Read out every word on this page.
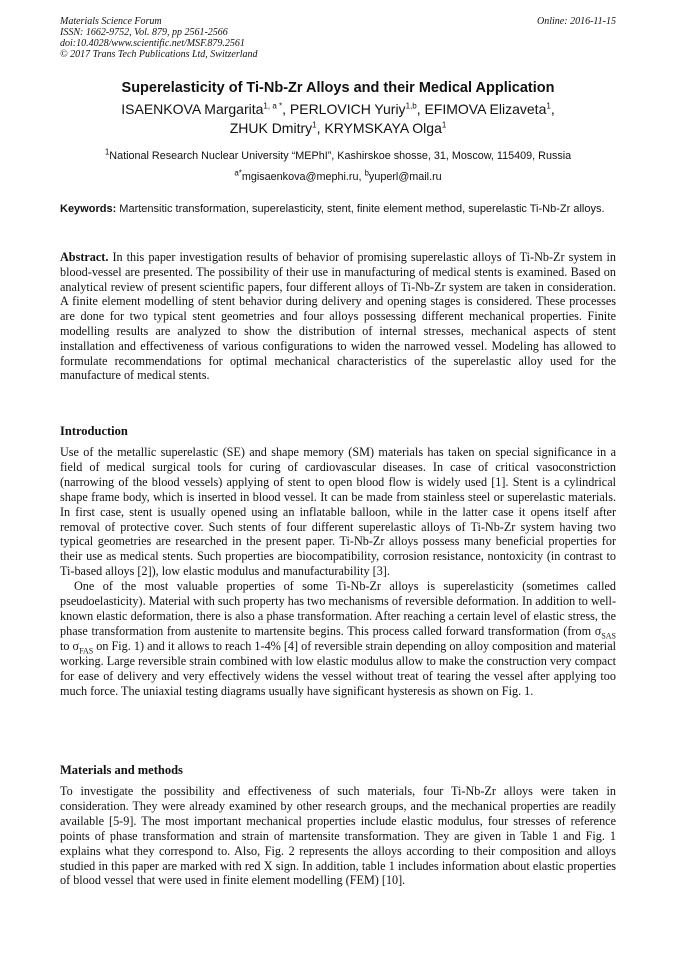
Materials Science Forum
ISSN: 1662-9752, Vol. 879, pp 2561-2566
doi:10.4028/www.scientific.net/MSF.879.2561
© 2017 Trans Tech Publications Ltd, Switzerland
Online: 2016-11-15
Superelasticity of Ti-Nb-Zr Alloys and their Medical Application
ISAENKOVA Margarita$^{1, a *}$, PERLOVICH Yuriy$^{1,b}$, EFIMOVA Elizaveta$^1$,
ZHUK Dmitry$^1$, KRYMSKAYA Olga$^1$
$^1$National Research Nuclear University “MEPhI”, Kashirskoe shosse, 31, Moscow, 115409, Russia
$^{a*}$mgisaenkova@mephi.ru, $^b$yuperl@mail.ru
Keywords: Martensitic transformation, superelasticity, stent, finite element method, superelastic Ti-Nb-Zr alloys.
Abstract. In this paper investigation results of behavior of promising superelastic alloys of Ti-Nb-Zr system in blood-vessel are presented. The possibility of their use in manufacturing of medical stents is examined. Based on analytical review of present scientific papers, four different alloys of Ti-Nb-Zr system are taken in consideration. A finite element modelling of stent behavior during delivery and opening stages is considered. These processes are done for two typical stent geometries and four alloys possessing different mechanical properties. Finite modelling results are analyzed to show the distribution of internal stresses, mechanical aspects of stent installation and effectiveness of various configurations to widen the narrowed vessel. Modeling has allowed to formulate recommendations for optimal mechanical characteristics of the superelastic alloy used for the manufacture of medical stents.
Introduction

Use of the metallic superelastic (SE) and shape memory (SM) materials has taken on special significance in a field of medical surgical tools for curing of cardiovascular diseases. In case of critical vasoconstriction (narrowing of the blood vessels) applying of stent to open blood flow is widely used [1]. Stent is a cylindrical shape frame body, which is inserted in blood vessel. It can be made from stainless steel or superelastic materials. In first case, stent is usually opened using an inflatable balloon, while in the latter case it opens itself after removal of protective cover. Such stents of four different superelastic alloys of Ti-Nb-Zr system having two typical geometries are researched in the present paper. Ti-Nb-Zr alloys possess many beneficial properties for their use as medical stents. Such properties are biocompatibility, corrosion resistance, nontoxicity (in contrast to Ti-based alloys [2]), low elastic modulus and manufacturability [3].

One of the most valuable properties of some Ti-Nb-Zr alloys is superelasticity (sometimes called pseudoelasticity). Material with such property has two mechanisms of reversible deformation. In addition to well-known elastic deformation, there is also a phase transformation. After reaching a certain level of elastic stress, the phase transformation from austenite to martensite begins. This process called forward transformation (from $\sigma_{SAS}$ to $\sigma_{FAS}$ on Fig. 1) and it allows to reach 1-4% [4] of reversible strain depending on alloy composition and material working. Large reversible strain combined with low elastic modulus allow to make the construction very compact for ease of delivery and very effectively widens the vessel without treat of tearing the vessel after applying too much force. The uniaxial testing diagrams usually have significant hysteresis as shown on Fig. 1.

Materials and methods

To investigate the possibility and effectiveness of such materials, four Ti-Nb-Zr alloys were taken in consideration. They were already examined by other research groups, and the mechanical properties are readily available [5-9]. The most important mechanical properties include elastic modulus, four stresses of reference points of phase transformation and strain of martensite transformation. They are given in Table 1 and Fig. 1 explains what they correspond to. Also, Fig. 2 represents the alloys according to their composition and alloys studied in this paper are marked with red X sign. In addition, table 1 includes information about elastic properties of blood vessel that were used in finite element modelling (FEM) [10].
